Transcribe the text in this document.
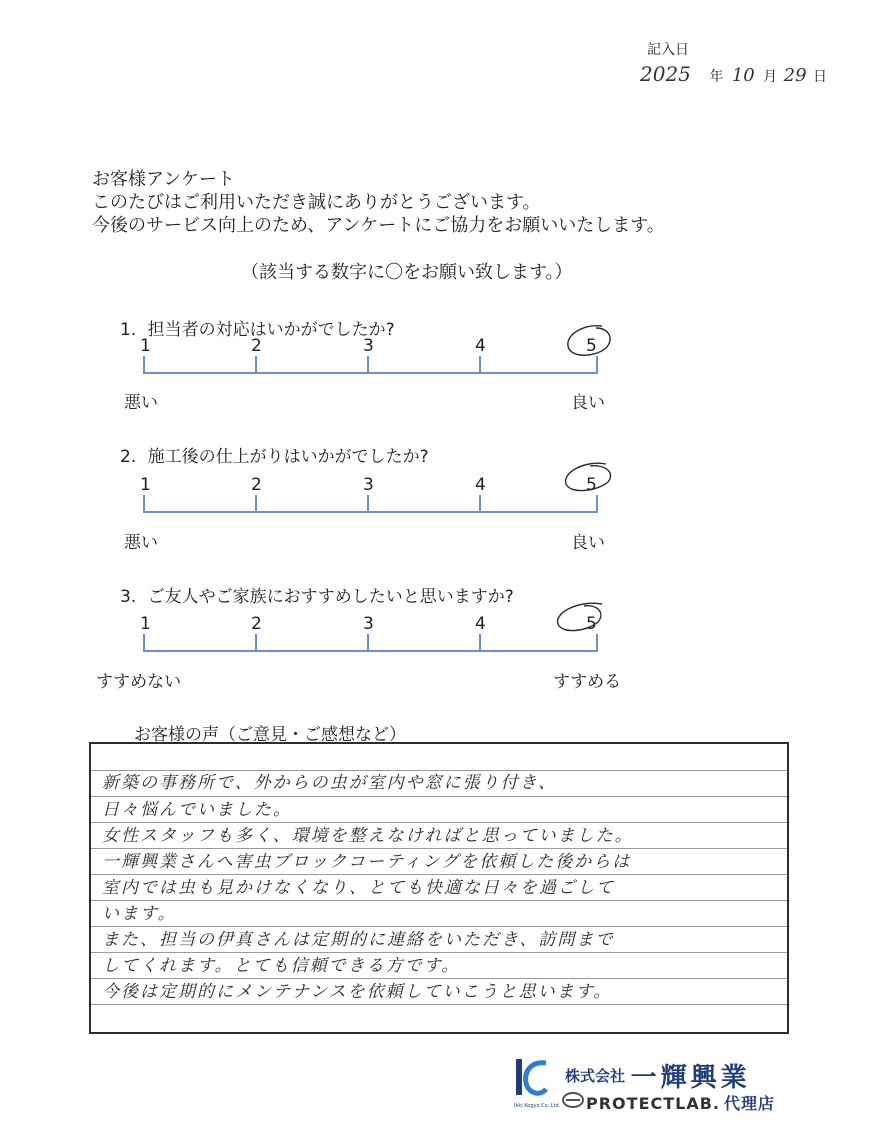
記入日
2025 年 10 月 29 日
お客様アンケート
このたびはご利用いただき誠にありがとうございます。
今後のサービス向上のため、アンケートにご協力をお願いいたします。
（該当する数字に〇をお願い致します。）
1. 担当者の対応はいかがでしたか?
1	2	3	4	5
悪い	良い
2. 施工後の仕上がりはいかがでしたか?
1	2	3	4	5
悪い	良い
3. ご友人やご家族におすすめしたいと思いますか?
1	2	3	4	5
すすめない	すすめる
お客様の声（ご意見・ご感想など）
新築の事務所で、外からの虫が室内や窓に張り付き、
日々悩んでいました。
女性スタッフも多く、環境を整えなければと思っていました。
一輝興業さんへ害虫ブロックコーティングを依頼した後からは
室内では虫も見かけなくなり、とても快適な日々を過ごして
います。
また、担当の伊真さんは定期的に連絡をいただき、訪問まで
してくれます。とても信頼できる方です。
今後は定期的にメンテナンスを依頼していこうと思います。
株式会社 一輝興業
Ikki Kogyo Co. Ltd. PROTECTLAB. 代理店
